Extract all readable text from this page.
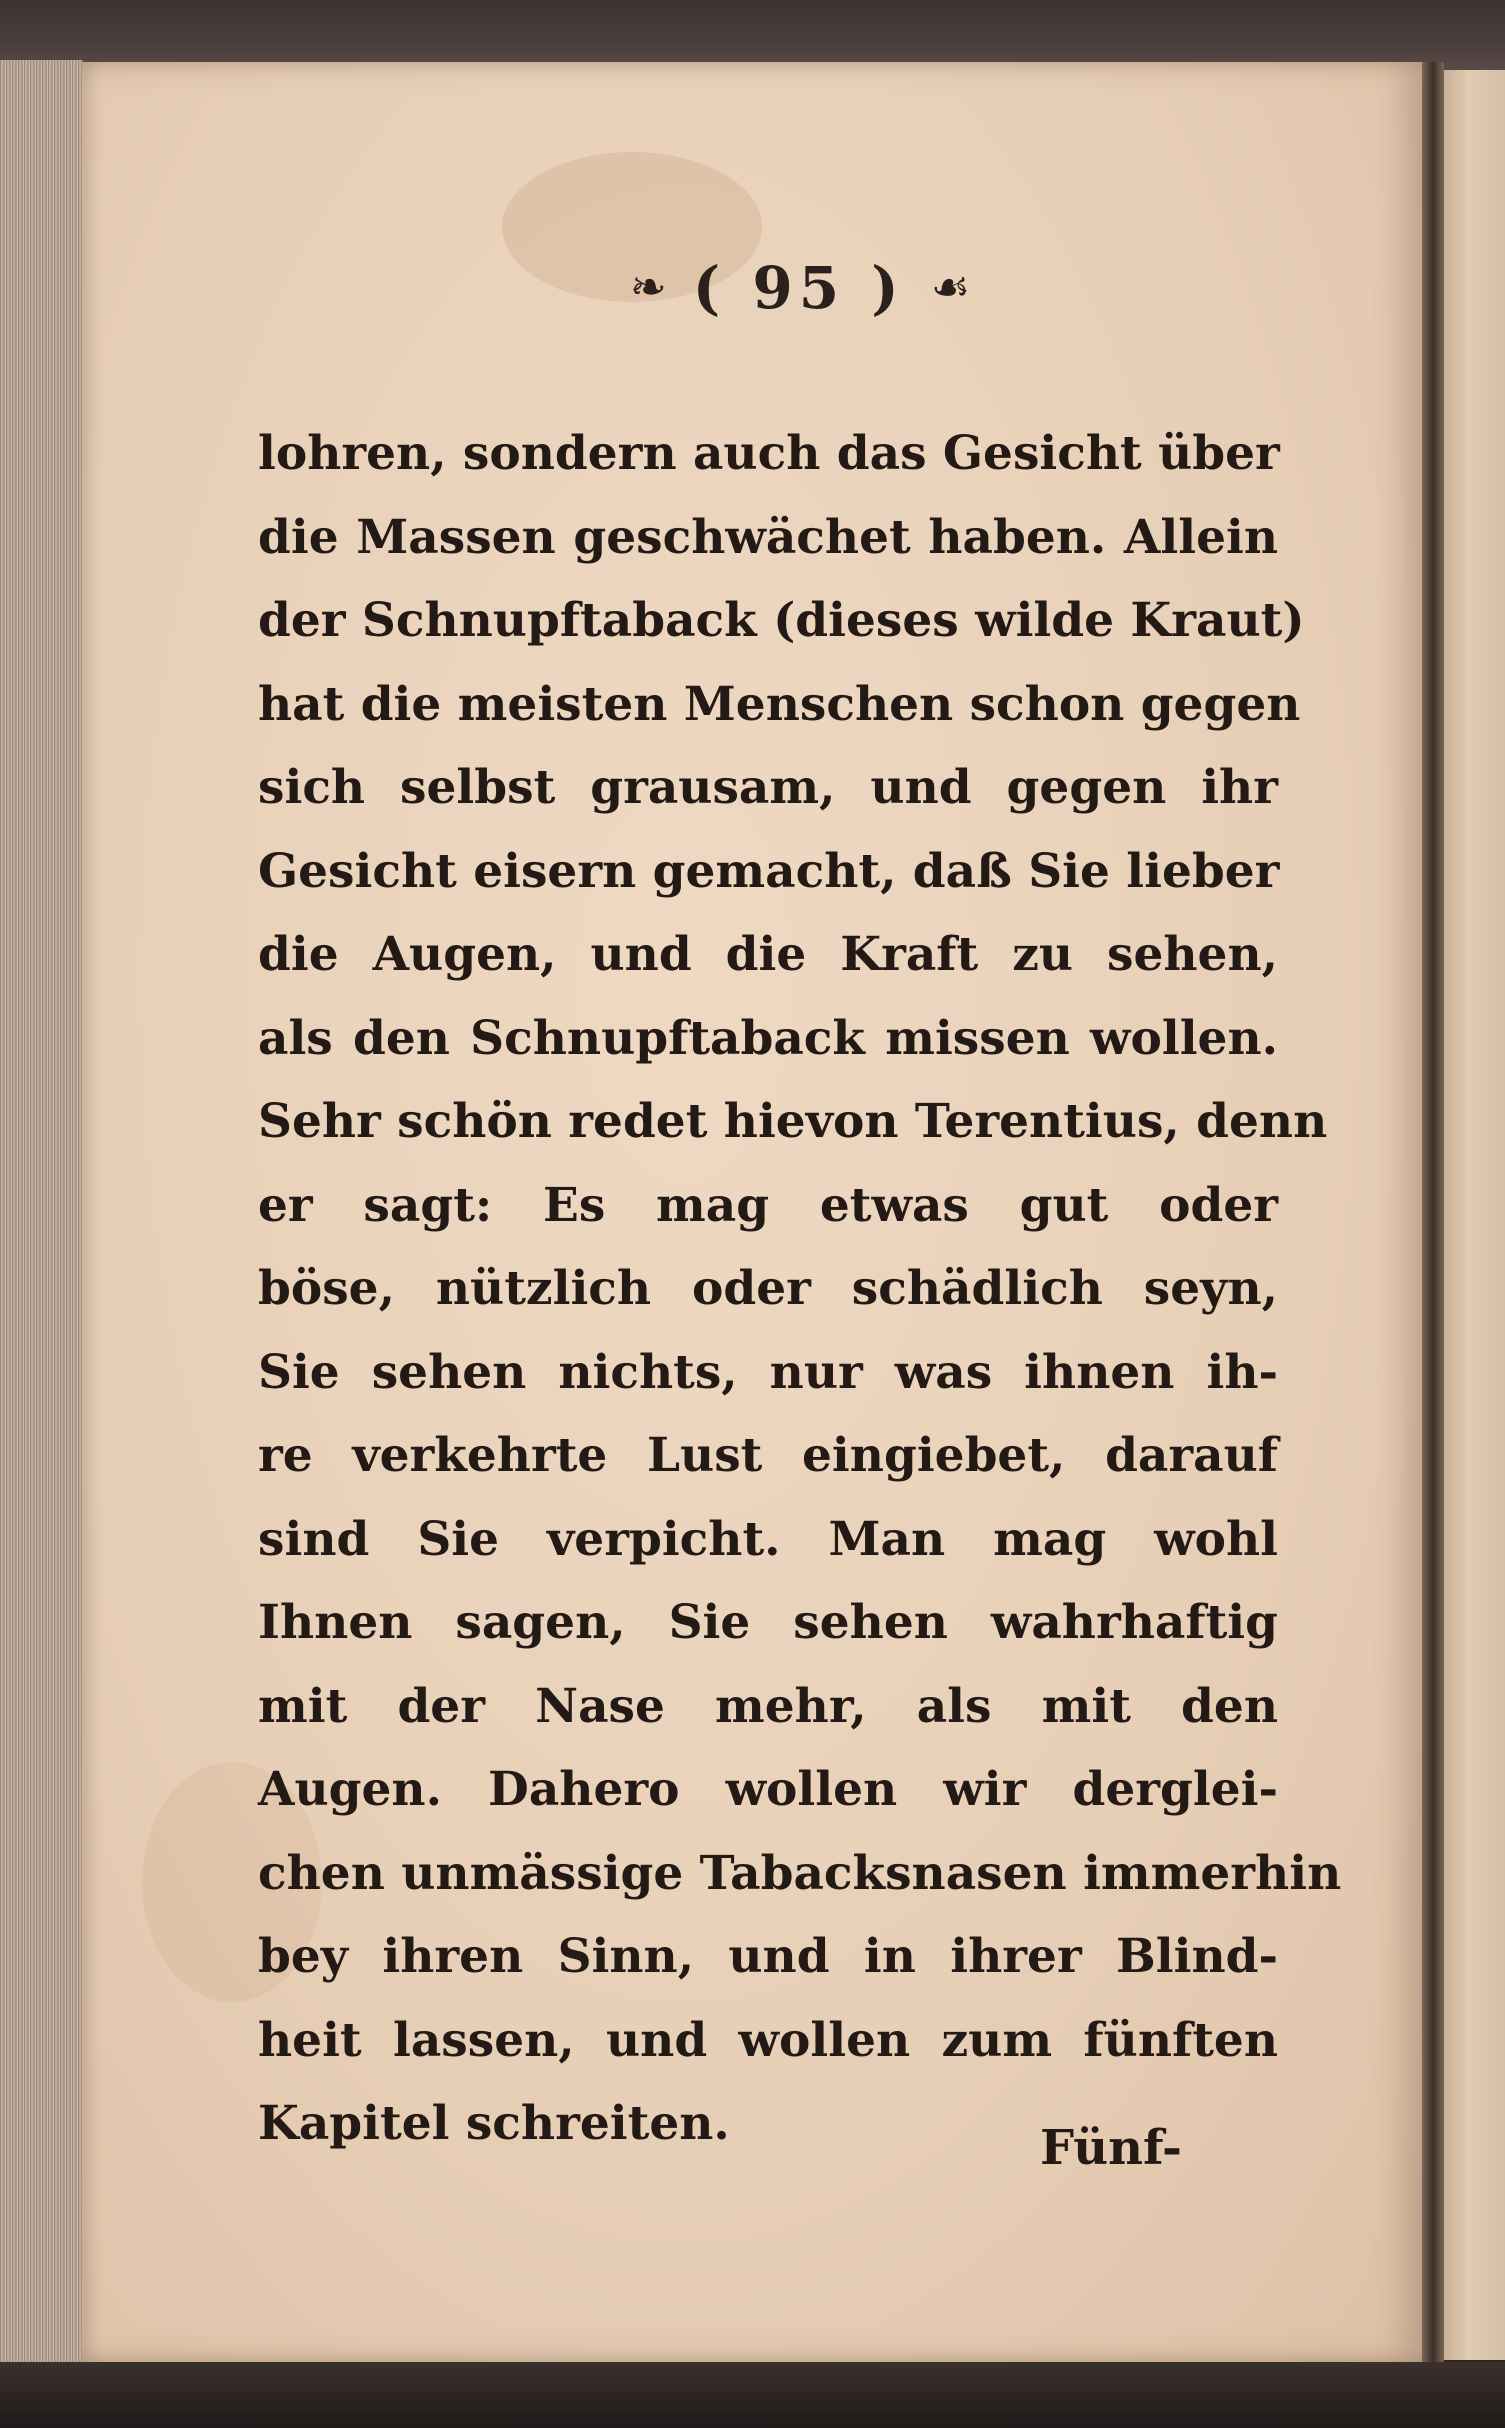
❧ ( 95 ) ☙
lohren, sondern auch das Gesicht über
die Massen geschwächet haben. Allein
der Schnupftaback (dieses wilde Kraut)
hat die meisten Menschen schon gegen
sich selbst grausam, und gegen ihr
Gesicht eisern gemacht, daß Sie lieber
die Augen, und die Kraft zu sehen,
als den Schnupftaback missen wollen.
Sehr schön redet hievon Terentius, denn
er sagt: Es mag etwas gut oder
böse, nützlich oder schädlich seyn,
Sie sehen nichts, nur was ihnen ih-
re verkehrte Lust eingiebet, darauf
sind Sie verpicht. Man mag wohl
Ihnen sagen, Sie sehen wahrhaftig
mit der Nase mehr, als mit den
Augen. Dahero wollen wir derglei-
chen unmässige Tabacksnasen immerhin
bey ihren Sinn, und in ihrer Blind-
heit lassen, und wollen zum fünften
Kapitel schreiten.	Fünf-
